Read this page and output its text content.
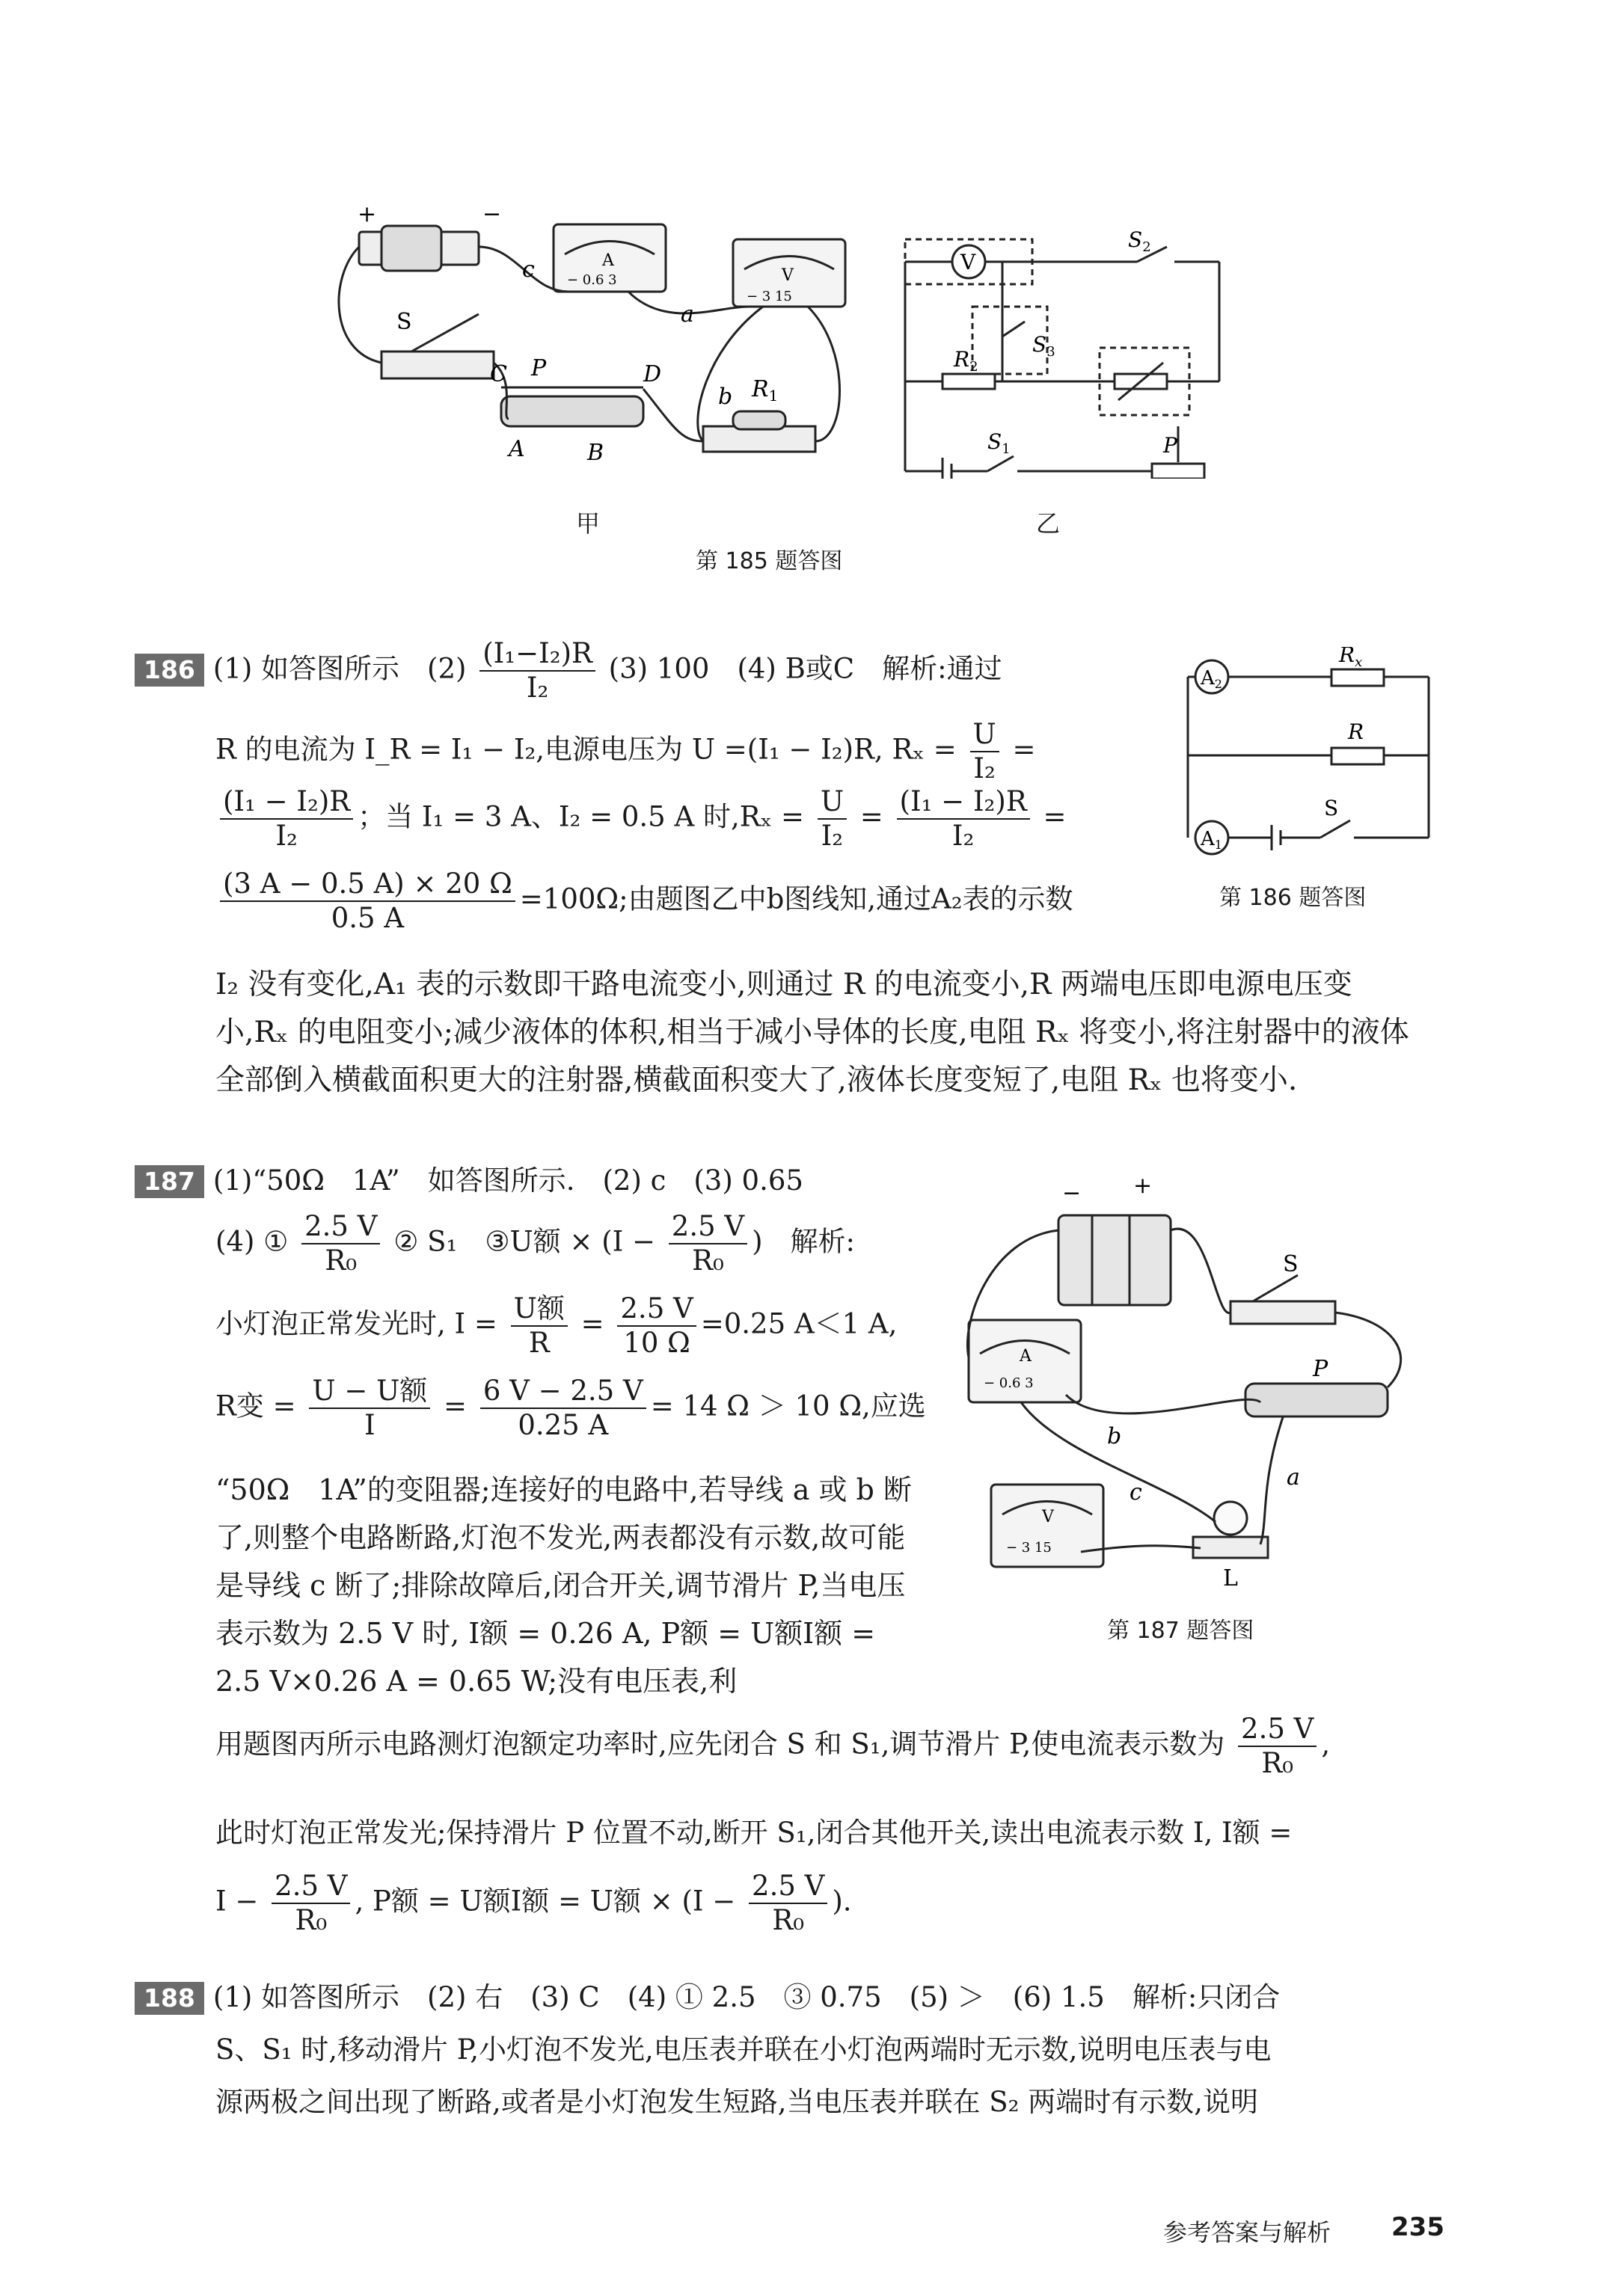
+	−
A
− 0.6 3	V
− 3 15
c
a
b
S
C P	D
A	B
$R_1$
V
$S_2$
$S_3$
$R_2$
$S_1$	P
甲	乙
第 185 题答图
186 (1) 如答图所示　$(2) \frac{\text{(I₁−I₂)R}}{\text{I₂}} (3)$ 100　(4) B或C　解析:通过
R 的电流为 I_R = I₁ − I₂,电源电压为 U =(I₁ − I₂)R, $R_x = \frac{U}{\text{I₂}}$ =
$\frac{\text{(I₁ − I₂)R}}{\text{I₂}}$ ；当 I₁ = 3 A、I₂ = 0.5 A 时$,R_x = \frac{U}{\text{I₂}} = \frac{\text{(I₁ − I₂)R}}{\text{I₂}}$ =
$\frac{(3 A - 0.5 A) \times 20 \Omega}{0.5 A} =100\Omega$;由题图乙中b图线知,通过A₂表的示数
I₂ 没有变化,A₁ 表的示数即干路电流变小,则通过 R 的电流变小,R 两端电压即电源电压变小,Rₓ 的电阻变小;减少液体的体积,相当于减小导体的长度,电阻 Rₓ 将变小,将注射器中的液体全部倒入横截面积更大的注射器,横截面积变大了,液体长度变短了,电阻 Rₓ 也将变小.
A2
$R_x$
R
A1
S
第 186 题答图
187 (1)“50Ω　1A”　如答图所示.　(2) c　(3) 0.65
(4) ① $\frac{2.5 V}{\text{R₀}}$ ② S₁　③U额 × ($I - \frac{2.5 V}{\text{R₀}}$ )　解析:
小灯泡正常发光时, $I = \frac{\text{U额}}{R} = \frac{2.5 V}{10 \Omega} =0.25$ A＜1 A,
R变 = $\frac{\text{U − U额}}{I} = \frac{6 V - 2.5 V}{0.25 A} = 14$ Ω ＞ 10 Ω,应选
“50Ω　1A”的变阻器;连接好的电路中,若导线 a 或 b 断了,则整个电路断路,灯泡不发光,两表都没有示数,故可能是导线 c 断了;排除故障后,闭合开关,调节滑片 P,当电压表示数为 2.5 V 时, I额 = 0.26 A, P额 = U额I额 = 2.5 V×0.26 A = 0.65 W;没有电压表,利
− +
S
P
A
− 0.6 3
V
− 3 15
a
b
c
L
第 187 题答图
用题图丙所示电路测灯泡额定功率时,应先闭合 S 和 S₁,调节滑片 P,使电流表示数为 $\frac{2.5 V}{\text{R₀}}$ ,
此时灯泡正常发光;保持滑片 P 位置不动,断开 S₁,闭合其他开关,读出电流表示数 I, I额 =
$I - \frac{2.5 V}{\text{R₀}}$ , P额 = U额I额 = U额 × ($I - \frac{2.5 V}{\text{R₀}}$ ).
188 (1) 如答图所示　(2) 右　(3) C　(4) ① 2.5　③ 0.75　(5) ＞　(6) 1.5　解析:只闭合
S、S₁ 时,移动滑片 P,小灯泡不发光,电压表并联在小灯泡两端时无示数,说明电压表与电
源两极之间出现了断路,或者是小灯泡发生短路,当电压表并联在 S₂ 两端时有示数,说明
参考答案与解析 235
